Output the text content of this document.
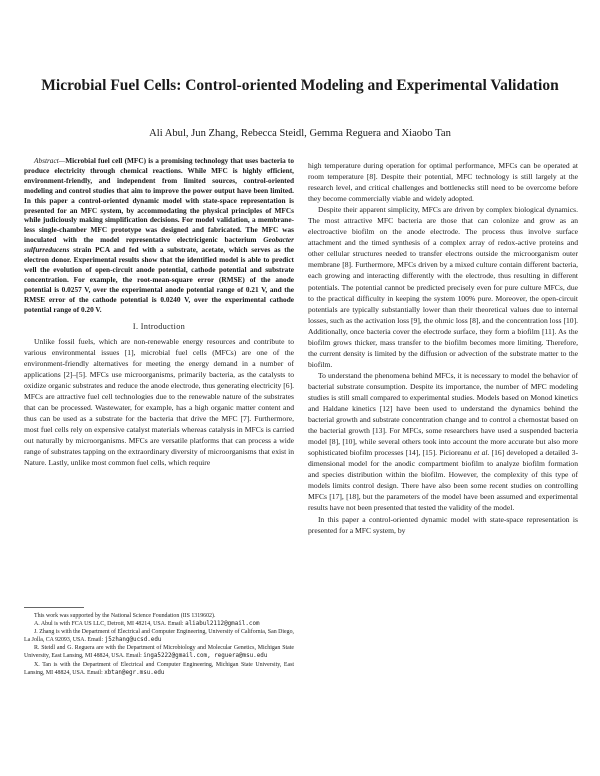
Microbial Fuel Cells: Control-oriented Modeling and Experimental Validation
Ali Abul, Jun Zhang, Rebecca Steidl, Gemma Reguera and Xiaobo Tan

Abstract—Microbial fuel cell (MFC) is a promising technology that uses bacteria to produce electricity through chemical reactions. While MFC is highly efficient, environment-friendly, and independent from limited sources, control-oriented modeling and control studies that aim to improve the power output have been limited. In this paper a control-oriented dynamic model with state-space representation is presented for an MFC system, by accommodating the physical principles of MFCs while judiciously making simplification decisions. For model validation, a membrane-less single-chamber MFC prototype was designed and fabricated. The MFC was inoculated with the model representative electricigenic bacterium Geobacter sulfurreducens strain PCA and fed with a substrate, acetate, which serves as the electron donor. Experimental results show that the identified model is able to predict well the evolution of open-circuit anode potential, cathode potential and substrate concentration. For example, the root-mean-square error (RMSE) of the anode potential is 0.0257 V, over the experimental anode potential range of 0.21 V, and the RMSE error of the cathode potential is 0.0240 V, over the experimental cathode potential range of 0.20 V.

I. Introduction

Unlike fossil fuels, which are non-renewable energy resources and contribute to various environmental issues [1], microbial fuel cells (MFCs) are one of the environment-friendly alternatives for meeting the energy demand in a number of applications [2]–[5]. MFCs use microorganisms, primarily bacteria, as the catalysts to oxidize organic substrates and reduce the anode electrode, thus generating electricity [6]. MFCs are attractive fuel cell technologies due to the renewable nature of the substrates that can be processed. Wastewater, for example, has a high organic matter content and thus can be used as a substrate for the bacteria that drive the MFC [7]. Furthermore, most fuel cells rely on expensive catalyst materials whereas catalysis in MFCs is carried out naturally by microorganisms. MFCs are versatile platforms that can process a wide range of substrates tapping on the extraordinary diversity of microorganisms that exist in Nature. Lastly, unlike most common fuel cells, which require

This work was supported by the National Science Foundation (IIS 1319602).

A. Abul is with FCA US LLC, Detroit, MI 48214, USA. Email: aliabul2112@gmail.com

J. Zhang is with the Department of Electrical and Computer Engineering, University of California, San Diego, La Jolla, CA 92093, USA. Email: j5zhang@ucsd.edu

R. Steidl and G. Reguera are with the Department of Microbiology and Molecular Genetics, Michigan State University, East Lansing, MI 48824, USA. Email: inga5222@gmail.com, reguera@msu.edu

X. Tan is with the Department of Electrical and Computer Engineering, Michigan State University, East Lansing, MI 48824, USA. Email: xbtan@egr.msu.edu

high temperature during operation for optimal performance, MFCs can be operated at room temperature [8]. Despite their potential, MFC technology is still largely at the research level, and critical challenges and bottlenecks still need to be overcome before they become commercially viable and widely adopted.

Despite their apparent simplicity, MFCs are driven by complex biological dynamics. The most attractive MFC bacteria are those that can colonize and grow as an electroactive biofilm on the anode electrode. The process thus involve surface attachment and the timed synthesis of a complex array of redox-active proteins and other cellular structures needed to transfer electrons outside the microorganism outer membrane [8]. Furthermore, MFCs driven by a mixed culture contain different bacteria, each growing and interacting differently with the electrode, thus resulting in different potentials. The potential cannot be predicted precisely even for pure culture MFCs, due to the practical difficulty in keeping the system 100% pure. Moreover, the open-circuit potentials are typically substantially lower than their theoretical values due to internal losses, such as the activation loss [9], the ohmic loss [8], and the concentration loss [10]. Additionally, once bacteria cover the electrode surface, they form a biofilm [11]. As the biofilm grows thicker, mass transfer to the biofilm becomes more limiting. Therefore, the current density is limited by the diffusion or advection of the substrate matter to the biofilm.

To understand the phenomena behind MFCs, it is necessary to model the behavior of bacterial substrate consumption. Despite its importance, the number of MFC modeling studies is still small compared to experimental studies. Models based on Monod kinetics and Haldane kinetics [12] have been used to understand the dynamics behind the bacterial growth and substrate concentration change and to control a chemostat based on the bacterial growth [13]. For MFCs, some researchers have used a suspended bacteria model [8], [10], while several others took into account the more accurate but also more sophisticated biofilm processes [14], [15]. Picioreanu et al. [16] developed a detailed 3-dimensional model for the anodic compartment biofilm to analyze biofilm formation and species distribution within the biofilm. However, the complexity of this type of models limits control design. There have also been some recent studies on controlling MFCs [17], [18], but the parameters of the model have been assumed and experimental results have not been presented that tested the validity of the model.

In this paper a control-oriented dynamic model with state-space representation is presented for a MFC system, by
